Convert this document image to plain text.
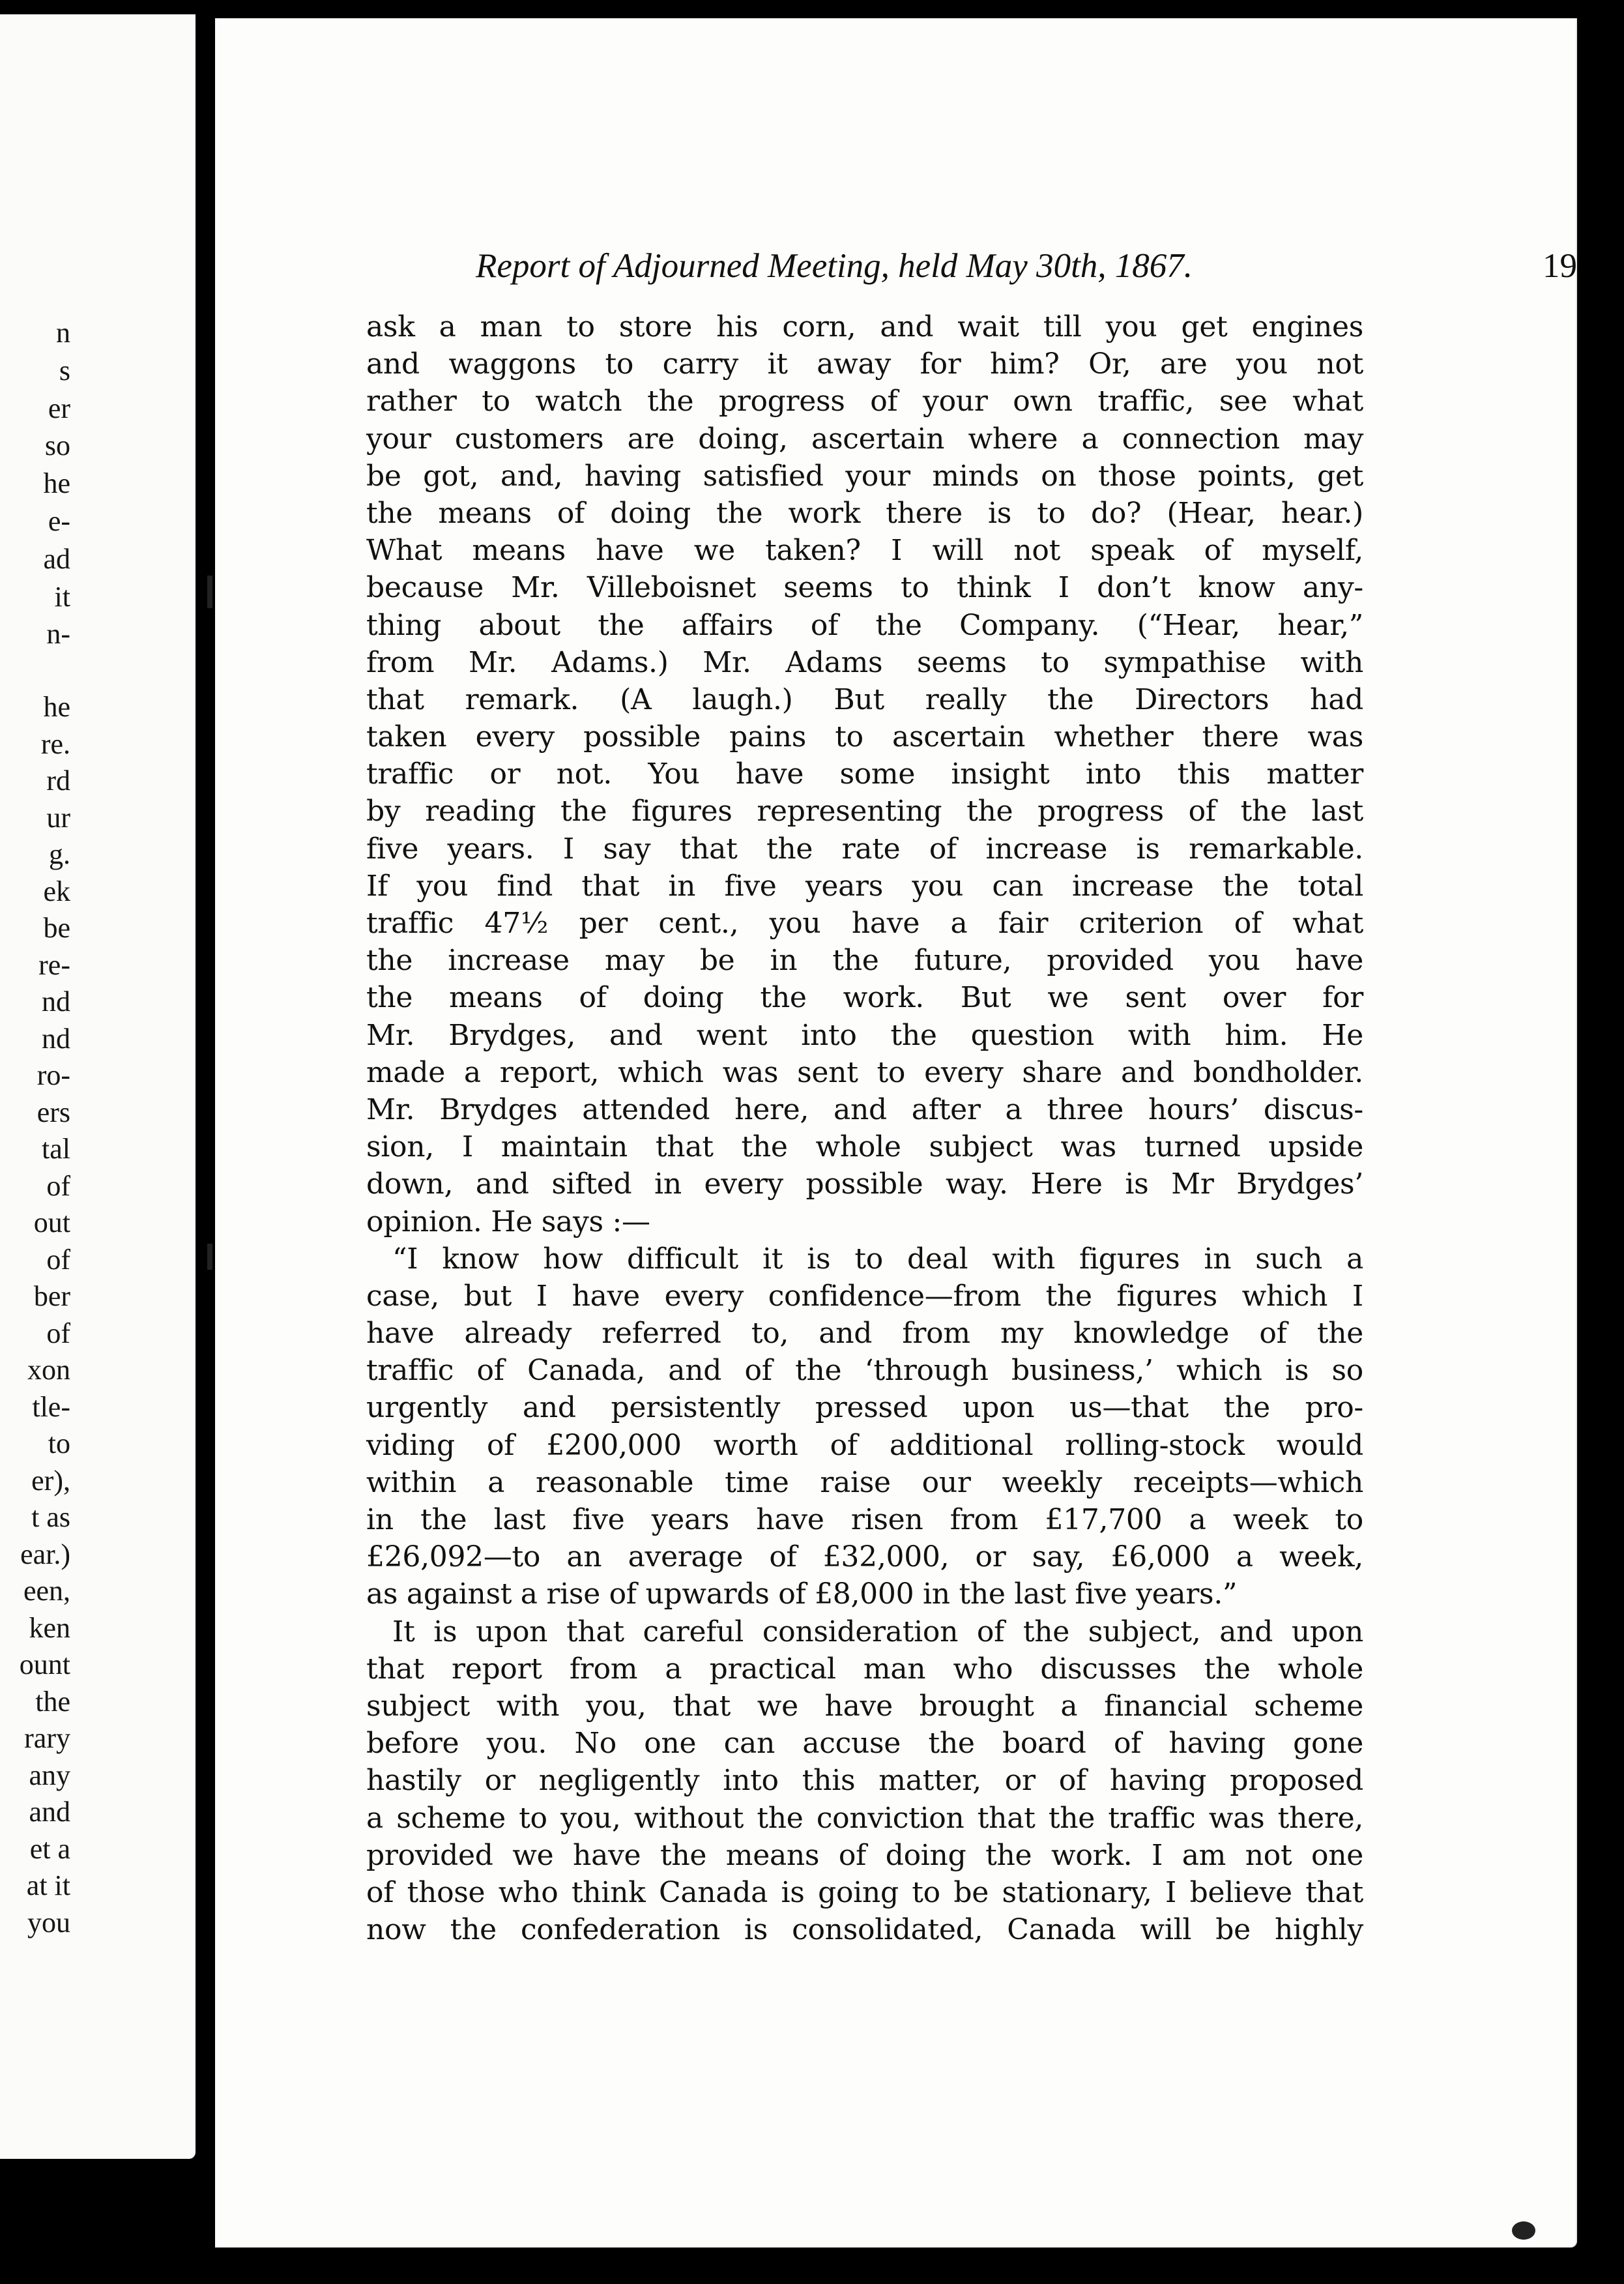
n
s
er
so
he
e-
ad
it
n-
he
re.
rd
ur
g.
ek
be
re-
nd
nd
ro-
ers
tal
of
out
of
ber
of
xon
tle-
to
er),
t as
ear.)
een,
ken
ount
the
rary
any
and
et a
at it
you
Report of Adjourned Meeting, held May 30th, 1867.	19
ask a man to store his corn, and wait till you get engines
and waggons to carry it away for him? Or, are you not
rather to watch the progress of your own traffic, see what
your customers are doing, ascertain where a connection may
be got, and, having satisfied your minds on those points, get
the means of doing the work there is to do? (Hear, hear.)
What means have we taken? I will not speak of myself,
because Mr. Villeboisnet seems to think I don’t know any-
thing about the affairs of the Company. (“Hear, hear,”
from Mr. Adams.) Mr. Adams seems to sympathise with
that remark. (A laugh.) But really the Directors had
taken every possible pains to ascertain whether there was
traffic or not. You have some insight into this matter
by reading the figures representing the progress of the last
five years. I say that the rate of increase is remarkable.
If you find that in five years you can increase the total
traffic 47½ per cent., you have a fair criterion of what
the increase may be in the future, provided you have
the means of doing the work. But we sent over for
Mr. Brydges, and went into the question with him. He
made a report, which was sent to every share and bondholder.
Mr. Brydges attended here, and after a three hours’ discus-
sion, I maintain that the whole subject was turned upside
down, and sifted in every possible way. Here is Mr Brydges’
opinion. He says :—
“I know how difficult it is to deal with figures in such a
case, but I have every confidence—from the figures which I
have already referred to, and from my knowledge of the
traffic of Canada, and of the ‘through business,’ which is so
urgently and persistently pressed upon us—that the pro-
viding of £200,000 worth of additional rolling-stock would
within a reasonable time raise our weekly receipts—which
in the last five years have risen from £17,700 a week to
£26,092—to an average of £32,000, or say, £6,000 a week,
as against a rise of upwards of £8,000 in the last five years.”
It is upon that careful consideration of the subject, and upon
that report from a practical man who discusses the whole
subject with you, that we have brought a financial scheme
before you. No one can accuse the board of having gone
hastily or negligently into this matter, or of having proposed
a scheme to you, without the conviction that the traffic was there,
provided we have the means of doing the work. I am not one
of those who think Canada is going to be stationary, I believe that
now the confederation is consolidated, Canada will be highly
